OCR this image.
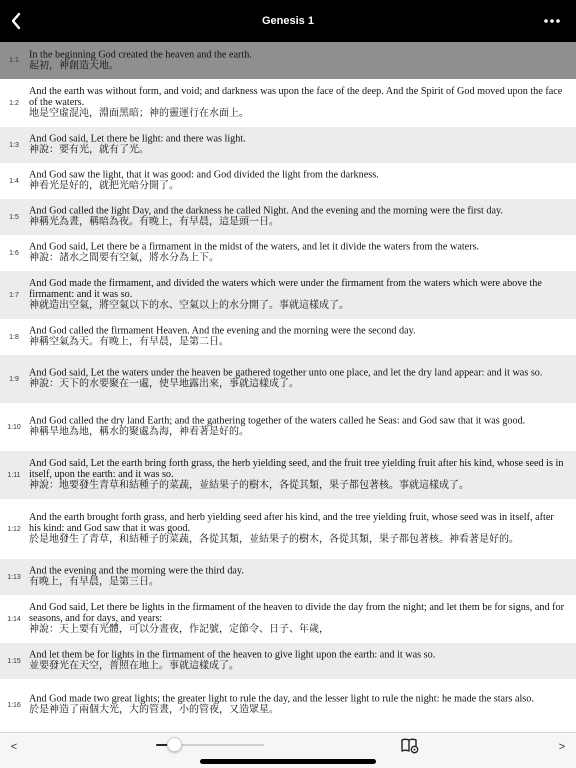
Genesis 1
1:1
In the beginning God created the heaven and the earth.
起初，神創造天地。
1:2
And the earth was without form, and void; and darkness was upon the face of the deep. And the Spirit of God moved upon the face of the waters.
地是空虛混沌，淵面黑暗；神的靈運行在水面上。
1:3
And God said, Let there be light: and there was light.
神說：要有光，就有了光。
1:4
And God saw the light, that it was good: and God divided the light from the darkness.
神看光是好的，就把光暗分開了。
1:5
And God called the light Day, and the darkness he called Night. And the evening and the morning were the first day.
神稱光為晝，稱暗為夜。有晚上，有早晨，這是頭一日。
1:6
And God said, Let there be a firmament in the midst of the waters, and let it divide the waters from the waters.
神說：諸水之間要有空氣，將水分為上下。
1:7
And God made the firmament, and divided the waters which were under the firmament from the waters which were above the firmament: and it was so.
神就造出空氣，將空氣以下的水、空氣以上的水分開了。事就這樣成了。
1:8
And God called the firmament Heaven. And the evening and the morning were the second day.
神稱空氣為天。有晚上，有早晨，是第二日。
1:9
And God said, Let the waters under the heaven be gathered together unto one place, and let the dry land appear: and it was so.
神說：天下的水要聚在一處，使旱地露出來，事就這樣成了。
1:10
And God called the dry land Earth; and the gathering together of the waters called he Seas: and God saw that it was good.
神稱旱地為地，稱水的聚處為海，神看著是好的。
1:11
And God said, Let the earth bring forth grass, the herb yielding seed, and the fruit tree yielding fruit after his kind, whose seed is in itself, upon the earth: and it was so.
神說：地要發生青草和結種子的菜蔬，並結果子的樹木，各從其類，果子都包著核。事就這樣成了。
1:12
And the earth brought forth grass, and herb yielding seed after his kind, and the tree yielding fruit, whose seed was in itself, after his kind: and God saw that it was good.
於是地發生了青草，和結種子的菜蔬，各從其類，並結果子的樹木，各從其類，果子都包著核。神看著是好的。
1:13
And the evening and the morning were the third day.
有晚上，有早晨，是第三日。
1:14
And God said, Let there be lights in the firmament of the heaven to divide the day from the night; and let them be for signs, and for seasons, and for days, and years:
神說：天上要有光體，可以分晝夜，作記號，定節令、日子、年歲，
1:15
And let them be for lights in the firmament of the heaven to give light upon the earth: and it was so.
並要發光在天空，普照在地上。事就這樣成了。
1:16
And God made two great lights; the greater light to rule the day, and the lesser light to rule the night: he made the stars also.
於是神造了兩個大光，大的管晝，小的管夜，又造眾星。
<	>
